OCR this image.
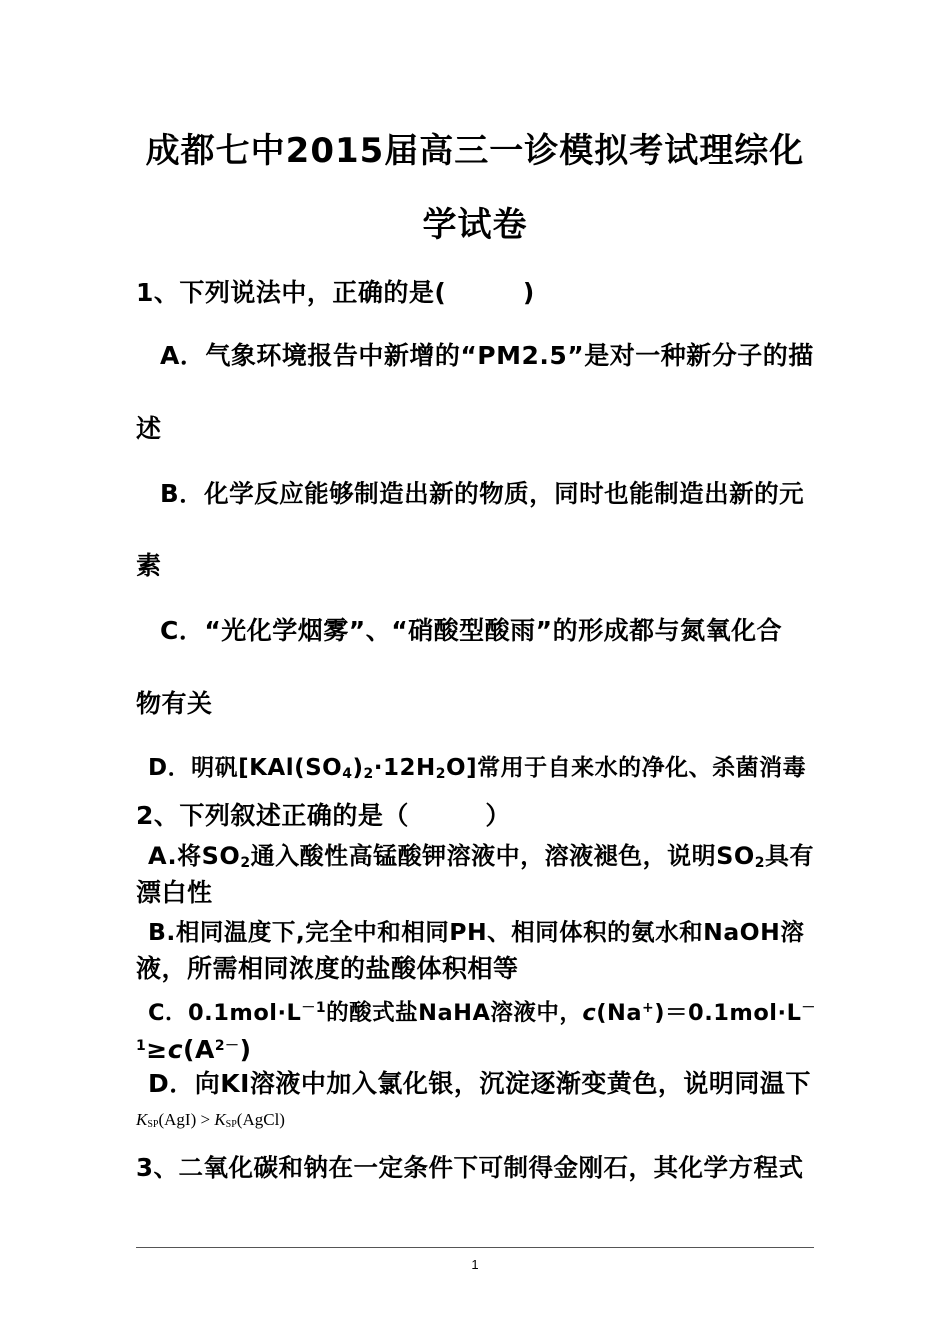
成都七中2015届高三一诊模拟考试理综化
学试卷
1、下列说法中，正确的是(　　　)
A．气象环境报告中新增的“PM2.5”是对一种新分子的描
述
B．化学反应能够制造出新的物质，同时也能制造出新的元
素
C．“光化学烟雾”、“硝酸型酸雨”的形成都与氮氧化合
物有关
D．明矾$[KAl(SO_4)_2\cdot 12H_2O]$常用于自来水的净化、杀菌消毒
2、下列叙述正确的是（　　　）
A.将$SO_2$通入酸性高锰酸钾溶液中，溶液褪色，说明$SO_2$具有
漂白性
B.相同温度下,完全中和相同PH、相同体积的氨水和NaOH溶
液，所需相同浓度的盐酸体积相等
C．$0.1mol\cdot L^{-1}$的酸式盐NaHA溶液中，c(Na+)＝0.1mol·L－
$^1\ge c(A^{2-})$
D．向KI溶液中加入氯化银，沉淀逐渐变黄色，说明同温下
$K_{SP}(AgI)$ > $K_{SP}(AgCl)$
3、二氧化碳和钠在一定条件下可制得金刚石，其化学方程式
1
